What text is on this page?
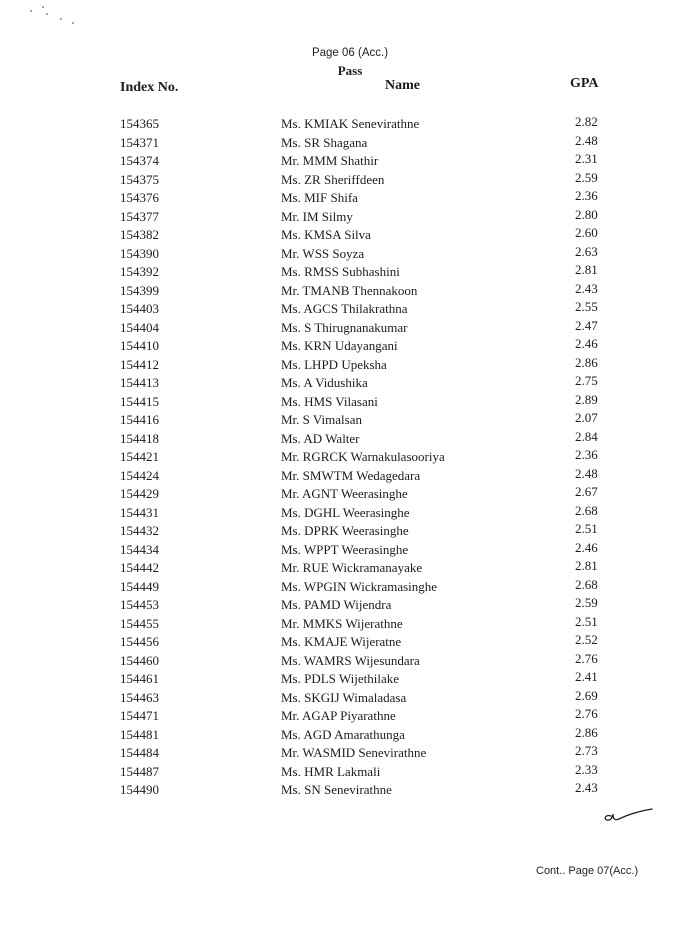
Page 06 (Acc.)
Pass
Index No.	Name	GPA
154365	Ms. KMIAK Senevirathne	2.82
154371	Ms. SR Shagana	2.48
154374	Mr. MMM Shathir	2.31
154375	Ms. ZR Sheriffdeen	2.59
154376	Ms. MIF Shifa	2.36
154377	Mr. IM Silmy	2.80
154382	Ms. KMSA Silva	2.60
154390	Mr. WSS Soyza	2.63
154392	Ms. RMSS Subhashini	2.81
154399	Mr. TMANB Thennakoon	2.43
154403	Ms. AGCS Thilakrathna	2.55
154404	Ms. S Thirugnanakumar	2.47
154410	Ms. KRN Udayangani	2.46
154412	Ms. LHPD Upeksha	2.86
154413	Ms. A Vidushika	2.75
154415	Ms. HMS Vilasani	2.89
154416	Mr. S Vimalsan	2.07
154418	Ms. AD Walter	2.84
154421	Mr. RGRCK Warnakulasooriya	2.36
154424	Mr. SMWTM Wedagedara	2.48
154429	Mr. AGNT Weerasinghe	2.67
154431	Ms. DGHL Weerasinghe	2.68
154432	Ms. DPRK Weerasinghe	2.51
154434	Ms. WPPT Weerasinghe	2.46
154442	Mr. RUE Wickramanayake	2.81
154449	Ms. WPGIN Wickramasinghe	2.68
154453	Ms. PAMD Wijendra	2.59
154455	Mr. MMKS Wijerathne	2.51
154456	Ms. KMAJE Wijeratne	2.52
154460	Ms. WAMRS Wijesundara	2.76
154461	Ms. PDLS Wijethilake	2.41
154463	Ms. SKGIJ Wimaladasa	2.69
154471	Mr. AGAP Piyarathne	2.76
154481	Ms. AGD Amarathunga	2.86
154484	Mr. WASMID Senevirathne	2.73
154487	Ms. HMR Lakmali	2.33
154490	Ms. SN Senevirathne	2.43
Cont.. Page 07(Acc.)
